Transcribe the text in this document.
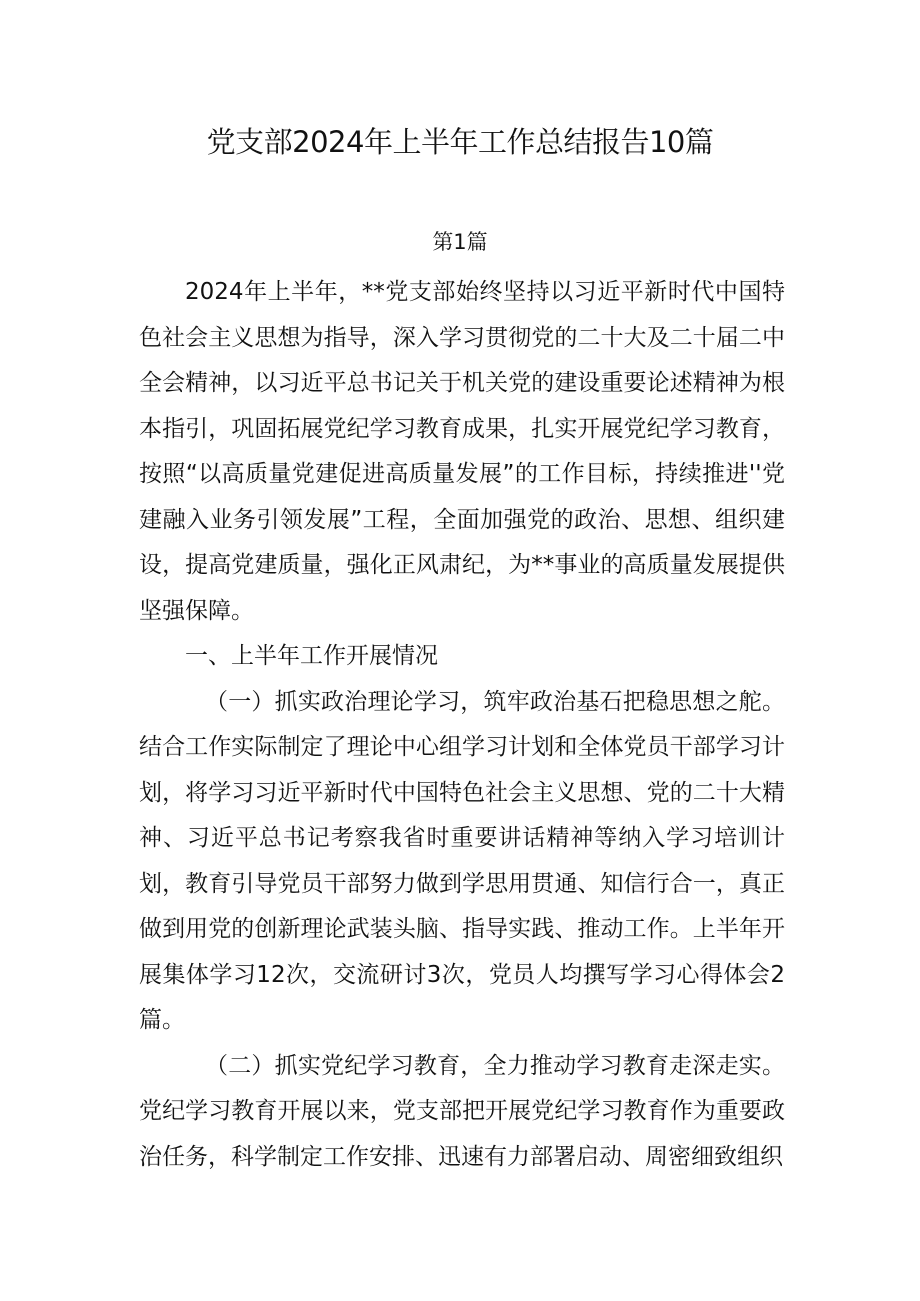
党支部2024年上半年工作总结报告10篇
第1篇

2024年上半年，**党支部始终坚持以习近平新时代中国特色社会主义思想为指导，深入学习贯彻党的二十大及二十届二中全会精神，以习近平总书记关于机关党的建设重要论述精神为根本指引，巩固拓展党纪学习教育成果，扎实开展党纪学习教育，按照“以高质量党建促进高质量发展”的工作目标，持续推进''党建融入业务引领发展”工程，全面加强党的政治、思想、组织建设，提高党建质量，强化正风肃纪，为**事业的高质量发展提供坚强保障。

一、上半年工作开展情况

（一）抓实政治理论学习，筑牢政治基石把稳思想之舵。结合工作实际制定了理论中心组学习计划和全体党员干部学习计划，将学习习近平新时代中国特色社会主义思想、党的二十大精神、习近平总书记考察我省时重要讲话精神等纳入学习培训计划，教育引导党员干部努力做到学思用贯通、知信行合一，真正做到用党的创新理论武装头脑、指导实践、推动工作。上半年开展集体学习12次，交流研讨3次，党员人均撰写学习心得体会2篇。

（二）抓实党纪学习教育，全力推动学习教育走深走实。党纪学习教育开展以来，党支部把开展党纪学习教育作为重要政治任务，科学制定工作安排、迅速有力部署启动、周密细致组织
